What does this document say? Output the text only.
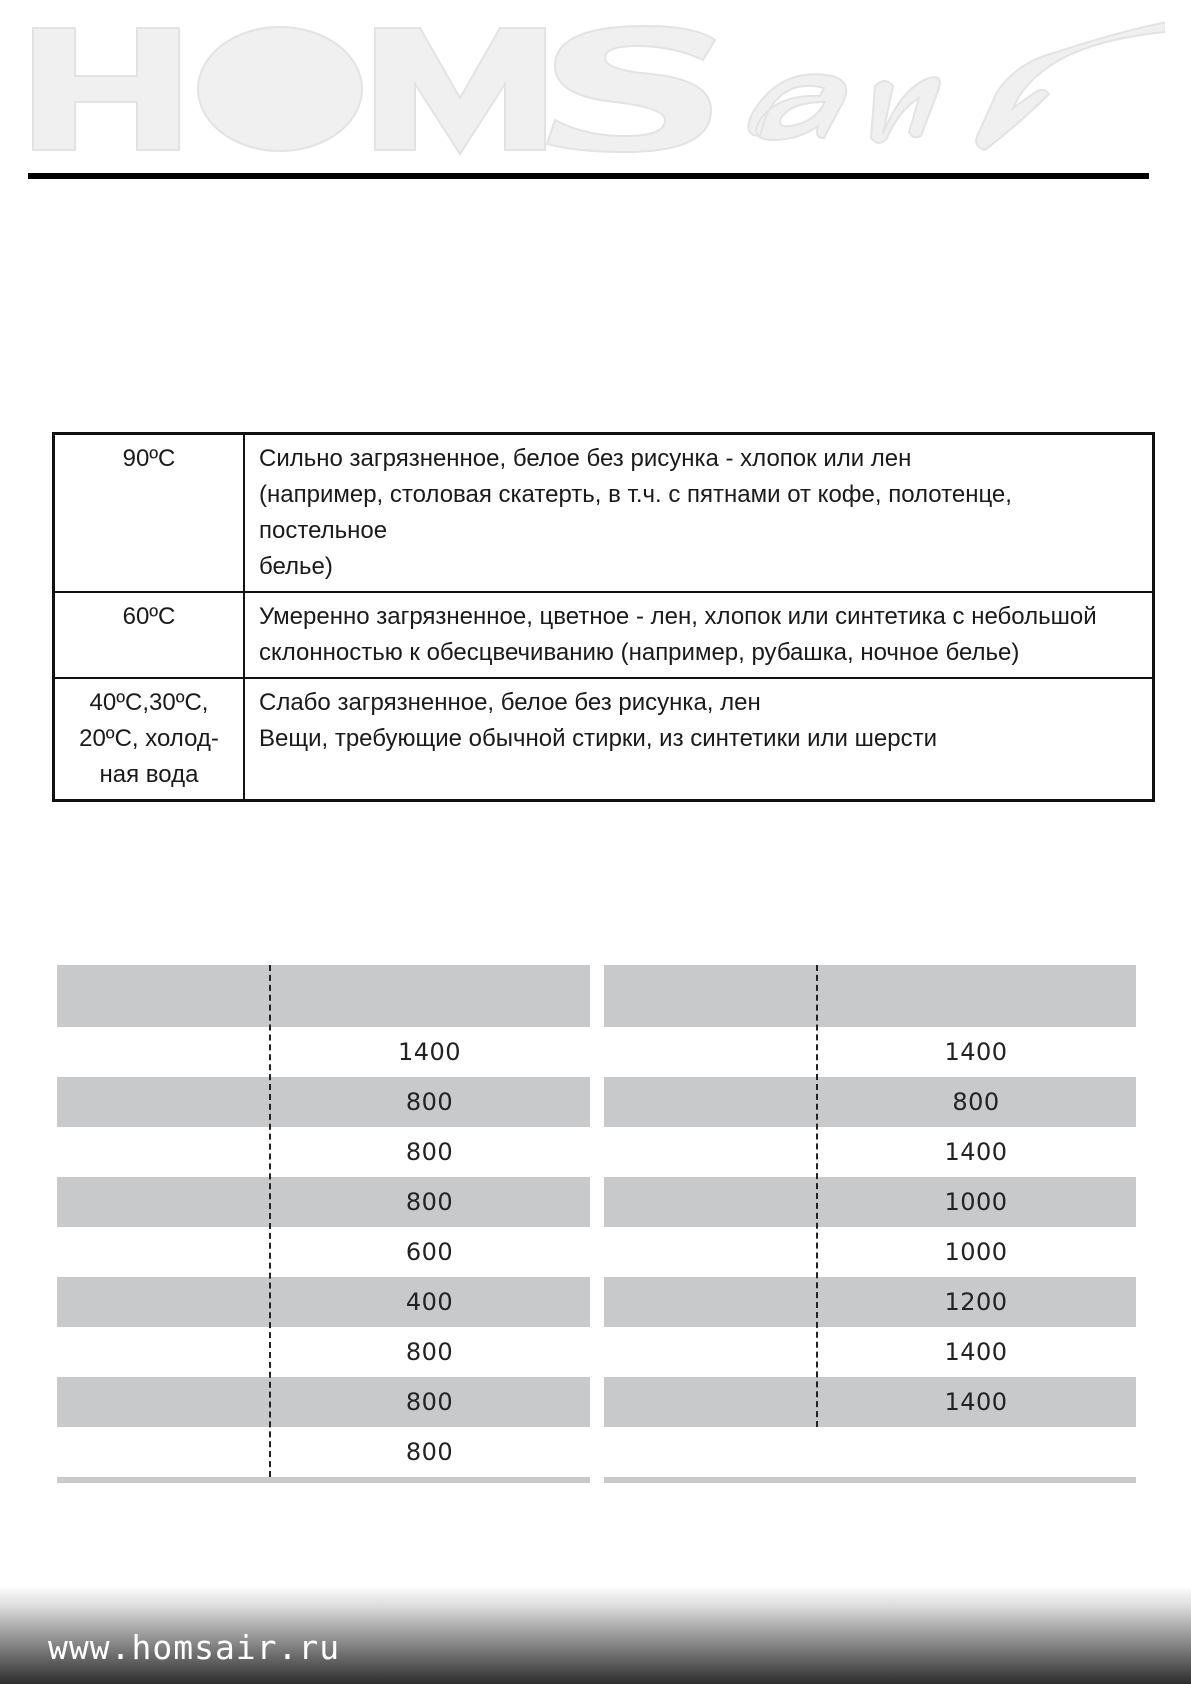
90ºC	Сильно загрязненное, белое без рисунка - хлопок или лен
(например, столовая скатерть, в т.ч. с пятнами от кофе, полотенце, постельное
белье)

60ºC	Умеренно загрязненное, цветное - лен, хлопок или синтетика с небольшой
склонностью к обесцвечиванию (например, рубашка, ночное белье)

40ºC,30ºC,
20ºC, холод-
ная вода	Слабо загрязненное, белое без рисунка, лен
Вещи, требующие обычной стирки, из синтетики или шерсти
1400
800
800
800
600
400
800
800
800
1400
800
1400
1000
1000
1200
1400
1400
www.homsair.ru
